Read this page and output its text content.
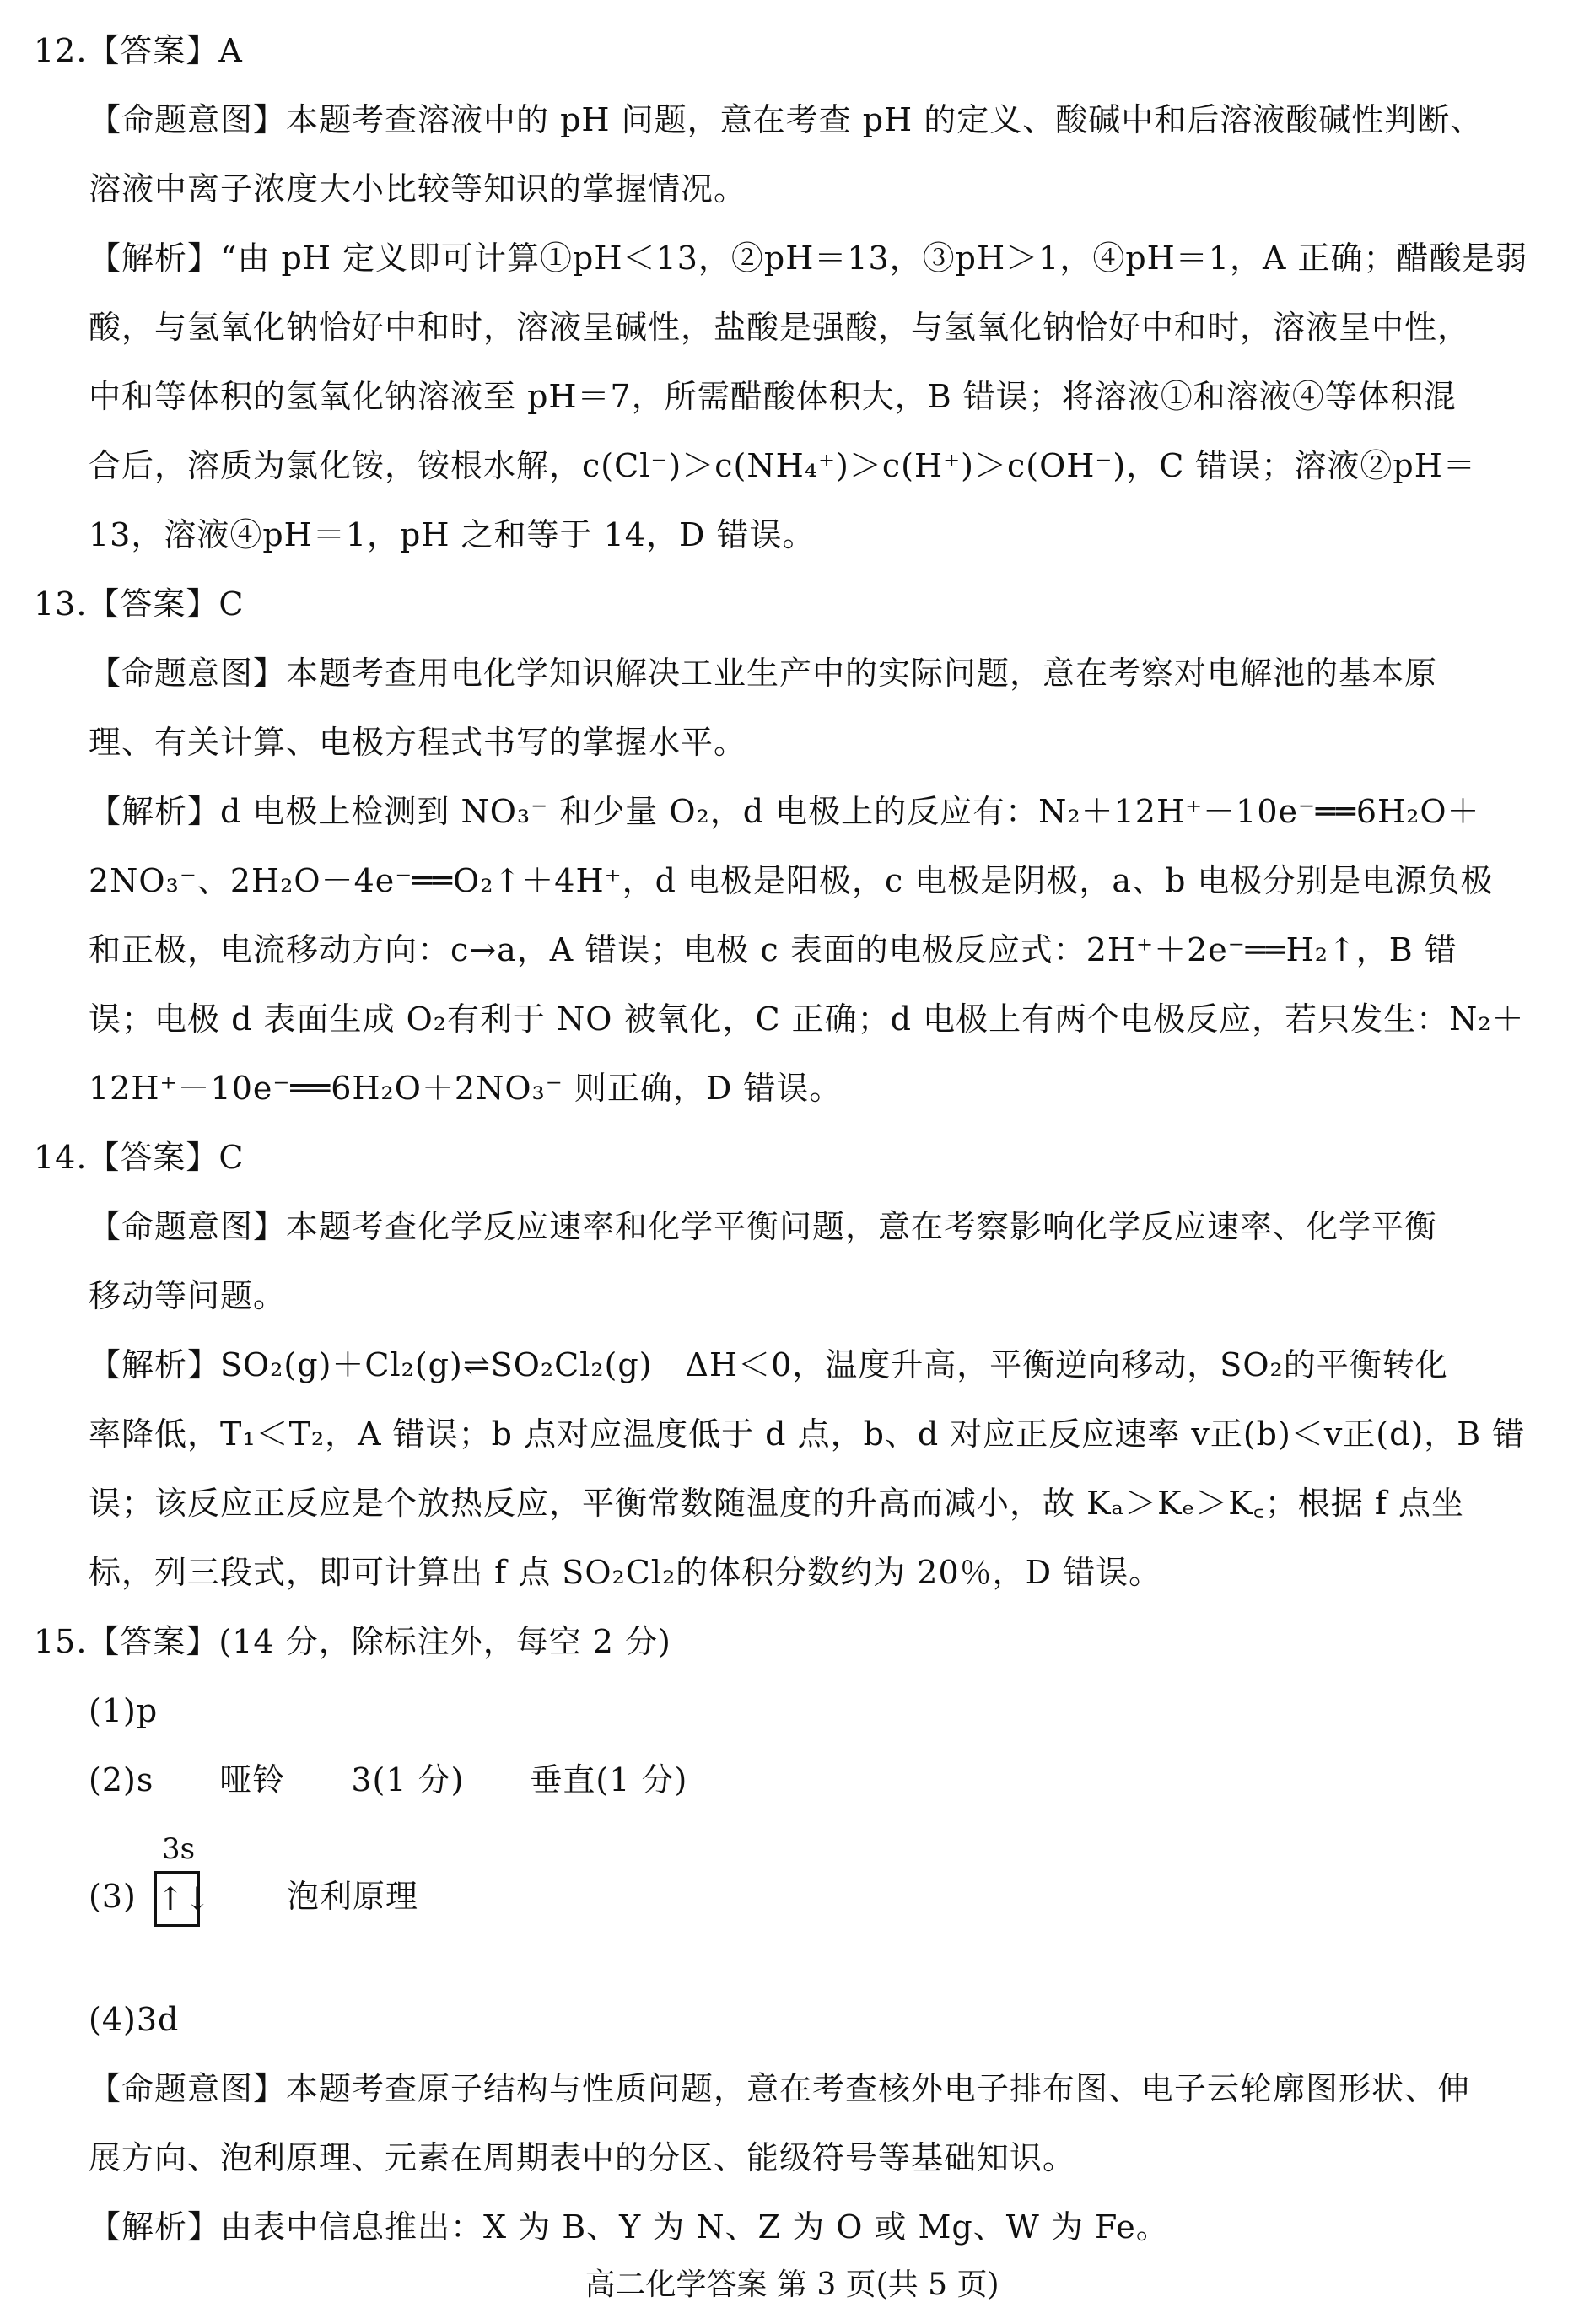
12.【答案】A
【命题意图】本题考查溶液中的 pH 问题，意在考查 pH 的定义、酸碱中和后溶液酸碱性判断、
溶液中离子浓度大小比较等知识的掌握情况。
【解析】“由 pH 定义即可计算①pH＜13，②pH＝13，③pH＞1，④pH＝1，A 正确；醋酸是弱
酸，与氢氧化钠恰好中和时，溶液呈碱性，盐酸是强酸，与氢氧化钠恰好中和时，溶液呈中性，
中和等体积的氢氧化钠溶液至 pH＝7，所需醋酸体积大，B 错误；将溶液①和溶液④等体积混
合后，溶质为氯化铵，铵根水解，c(Cl⁻)＞c(NH₄⁺)＞c(H⁺)＞c(OH⁻)，C 错误；溶液②pH＝
13，溶液④pH＝1，pH 之和等于 14，D 错误。
13.【答案】C
【命题意图】本题考查用电化学知识解决工业生产中的实际问题，意在考察对电解池的基本原
理、有关计算、电极方程式书写的掌握水平。
【解析】d 电极上检测到 NO₃⁻ 和少量 O₂，d 电极上的反应有：N₂＋12H⁺－10e⁻══6H₂O＋
2NO₃⁻、2H₂O－4e⁻══O₂↑＋4H⁺，d 电极是阳极，c 电极是阴极，a、b 电极分别是电源负极
和正极，电流移动方向：c→a，A 错误；电极 c 表面的电极反应式：2H⁺＋2e⁻══H₂↑，B 错
误；电极 d 表面生成 O₂有利于 NO 被氧化，C 正确；d 电极上有两个电极反应，若只发生：N₂＋
12H⁺－10e⁻══6H₂O＋2NO₃⁻ 则正确，D 错误。
14.【答案】C
【命题意图】本题考查化学反应速率和化学平衡问题，意在考察影响化学反应速率、化学平衡
移动等问题。
【解析】SO₂(g)＋Cl₂(g)⇌SO₂Cl₂(g)　ΔH＜0，温度升高，平衡逆向移动，SO₂的平衡转化
率降低，T₁＜T₂，A 错误；b 点对应温度低于 d 点，b、d 对应正反应速率 v正(b)＜v正(d)，B 错
误；该反应正反应是个放热反应，平衡常数随温度的升高而减小，故 Kₐ＞Kₑ＞K꜀；根据 f 点坐
标，列三段式，即可计算出 f 点 SO₂Cl₂的体积分数约为 20％，D 错误。
15.【答案】(14 分，除标注外，每空 2 分)
(1)p
(2)s　　哑铃　　3(1 分)　　垂直(1 分)
(3)
3s
↑↓ 泡利原理
(4)3d
【命题意图】本题考查原子结构与性质问题，意在考查核外电子排布图、电子云轮廓图形状、伸
展方向、泡利原理、元素在周期表中的分区、能级符号等基础知识。
【解析】由表中信息推出：X 为 B、Y 为 N、Z 为 O 或 Mg、W 为 Fe。
高二化学答案 第 3 页(共 5 页)
